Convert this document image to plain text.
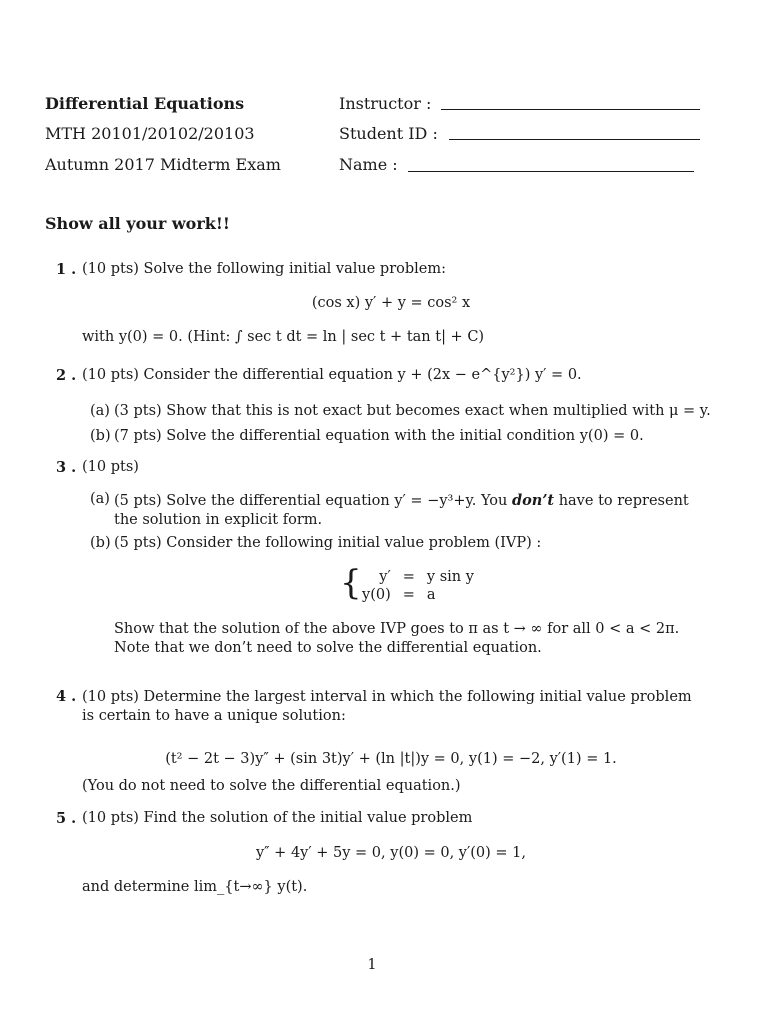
Differential Equations
MTH 20101/20102/20103
Autumn 2017 Midterm Exam
Instructor :
Student ID :
Name :
Show all your work!!
1 . (10 pts) Solve the following initial value problem:
(cos x) y′ + y = cos² x
with y(0) = 0. (Hint: ∫ sec t dt = ln | sec t + tan t| + C)
2 . (10 pts) Consider the differential equation y + (2x − e^{y²}) y′ = 0.
(a) (3 pts) Show that this is not exact but becomes exact when multiplied with μ = y.
(b) (7 pts) Solve the differential equation with the initial condition y(0) = 0.
3 . (10 pts)
(a) (5 pts) Solve the differential equation y′ = −y³+y. You don’t have to represent the solution in explicit form.
(b) (5 pts) Consider the following initial value problem (IVP) :
{ y′	=	y sin y
y(0)	=	a
Show that the solution of the above IVP goes to π as t → ∞ for all 0 < a < 2π. Note that we don’t need to solve the differential equation.
4 . (10 pts) Determine the largest interval in which the following initial value problem is certain to have a unique solution:
(t² − 2t − 3)y″ + (sin 3t)y′ + (ln |t|)y = 0, y(1) = −2, y′(1) = 1.
(You do not need to solve the differential equation.)
5 . (10 pts) Find the solution of the initial value problem
y″ + 4y′ + 5y = 0, y(0) = 0, y′(0) = 1,
and determine lim_{t→∞} y(t).
1
